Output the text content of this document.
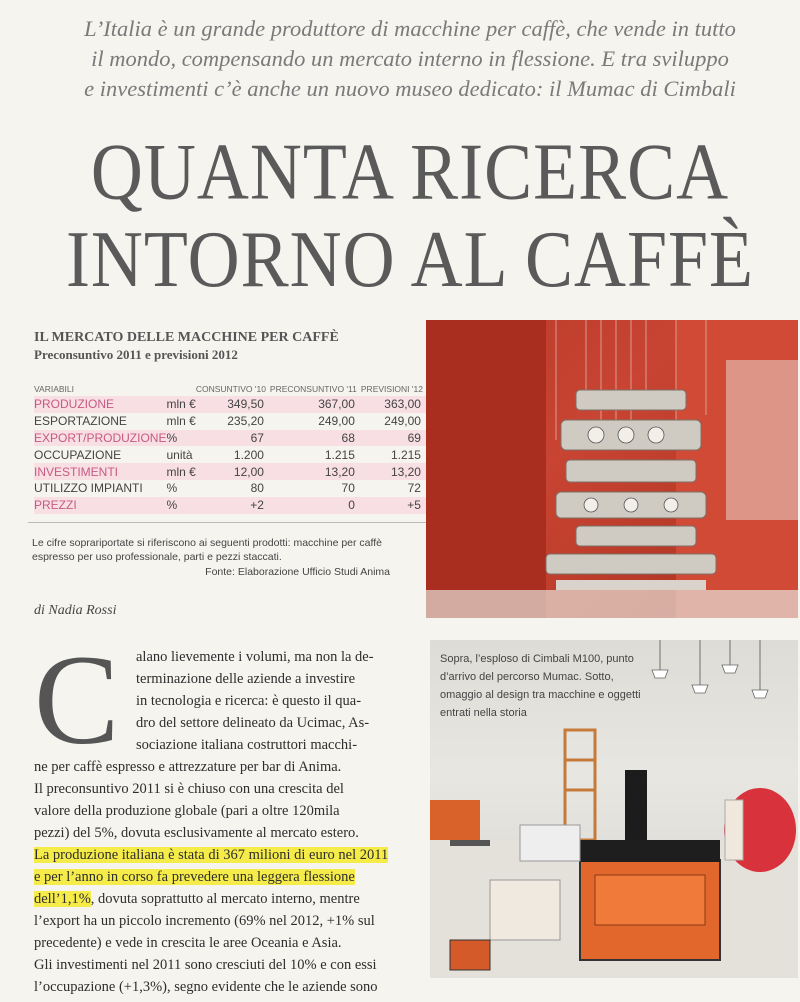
L’Italia è un grande produttore di macchine per caffè, che vende in tutto
il mondo, compensando un mercato interno in flessione. E tra sviluppo
e investimenti c’è anche un nuovo museo dedicato: il Mumac di Cimbali
QUANTA RICERCA
INTORNO AL CAFFÈ
IL MERCATO DELLE MACCHINE PER CAFFÈ
Preconsuntivo 2011 e previsioni 2012
VARIABILI		CONSUNTIVO '10	PRECONSUNTIVO '11	PREVISIONI '12		
PRODUZIONE	mln €	349,50	367,00	363,00		
ESPORTAZIONE	mln €	235,20	249,00	249,00		
EXPORT/PRODUZIONE	%	67	68	69		
OCCUPAZIONE	unità	1.200	1.215	1.215		
INVESTIMENTI	mln €	12,00	13,20	13,20		
UTILIZZO IMPIANTI	%	80	70	72		
PREZZI	%	+2	0	+5		
Le cifre soprariportate si riferiscono ai seguenti prodotti: macchine per caffè espresso per uso professionale, parti e pezzi staccati.
Fonte: Elaborazione Ufficio Studi Anima
di Nadia Rossi
C alano lievemente i volumi, ma non la de-
terminazione delle aziende a investire
in tecnologia e ricerca: è questo il qua-
dro del settore delineato da Ucimac, As-
sociazione italiana costruttori macchi-
ne per caffè espresso e attrezzature per bar di Anima.
Il preconsuntivo 2011 si è chiuso con una crescita del
valore della produzione globale (pari a oltre 120mila
pezzi) del 5%, dovuta esclusivamente al mercato estero.
La produzione italiana è stata di 367 milioni di euro nel 2011
e per l’anno in corso fa prevedere una leggera flessione
dell’1,1%, dovuta soprattutto al mercato interno, mentre
l’export ha un piccolo incremento (69% nel 2012, +1% sul
precedente) e vede in crescita le aree Oceania e Asia.
Gli investimenti nel 2011 sono cresciuti del 10% e con essi
l’occupazione (+1,3%), segno evidente che le aziende sono
Sopra, l’esploso di Cimbali M100, punto d’arrivo del percorso Mumac. Sotto, omaggio al design tra macchine e oggetti entrati nella storia
